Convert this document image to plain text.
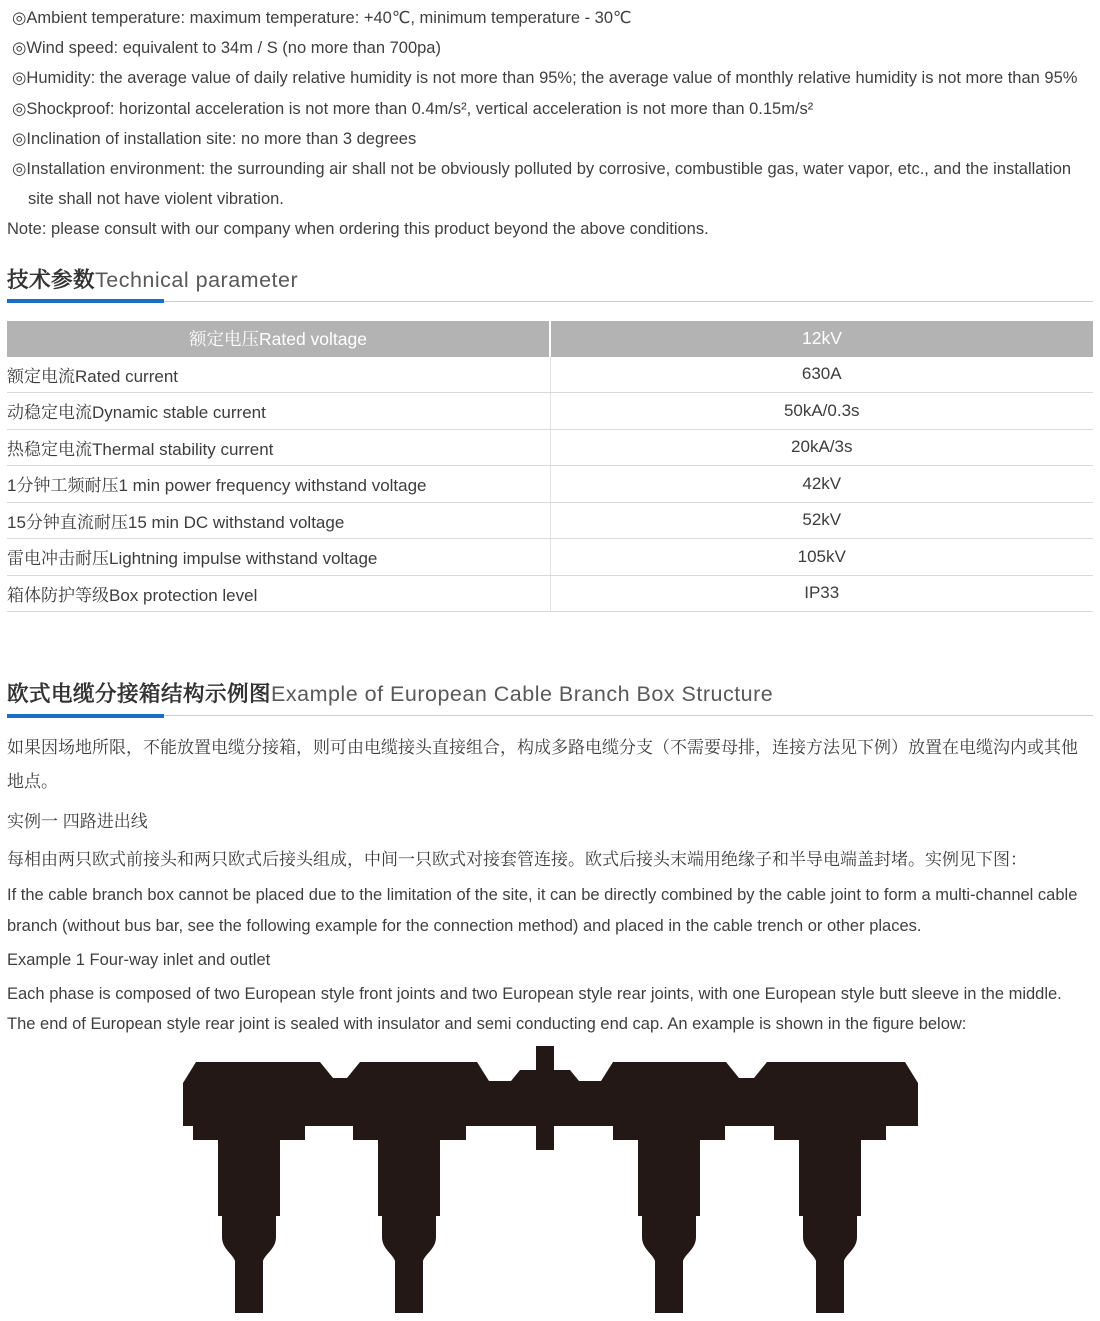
◎Ambient temperature: maximum temperature: +40℃, minimum temperature - 30℃

◎Wind speed: equivalent to 34m / S (no more than 700pa)

◎Humidity: the average value of daily relative humidity is not more than 95%; the average value of monthly relative humidity is not more than 95%

◎Shockproof: horizontal acceleration is not more than 0.4m/s², vertical acceleration is not more than 0.15m/s²

◎Inclination of installation site: no more than 3 degrees

◎Installation environment: the surrounding air shall not be obviously polluted by corrosive, combustible gas, water vapor, etc., and the installation site shall not have violent vibration.

Note: please consult with our company when ordering this product beyond the above conditions.

技术参数Technical parameter
额定电压Rated voltage	12kV
额定电流Rated current	630A
动稳定电流Dynamic stable current	50kA/0.3s
热稳定电流Thermal stability current	20kA/3s
1分钟工频耐压1 min power frequency withstand voltage	42kV
15分钟直流耐压15 min DC withstand voltage	52kV
雷电冲击耐压Lightning impulse withstand voltage	105kV
箱体防护等级Box protection level	IP33
欧式电缆分接箱结构示例图Example of European Cable Branch Box Structure

如果因场地所限，不能放置电缆分接箱，则可由电缆接头直接组合，构成多路电缆分支（不需要母排，连接方法见下例）放置在电缆沟内或其他地点。

实例一 四路进出线

每相由两只欧式前接头和两只欧式后接头组成，中间一只欧式对接套管连接。欧式后接头末端用绝缘子和半导电端盖封堵。实例见下图：

If the cable branch box cannot be placed due to the limitation of the site, it can be directly combined by the cable joint to form a multi-channel cable branch (without bus bar, see the following example for the connection method) and placed in the cable trench or other places.

Example 1 Four-way inlet and outlet

Each phase is composed of two European style front joints and two European style rear joints, with one European style butt sleeve in the middle. The end of European style rear joint is sealed with insulator and semi conducting end cap. An example is shown in the figure below:
